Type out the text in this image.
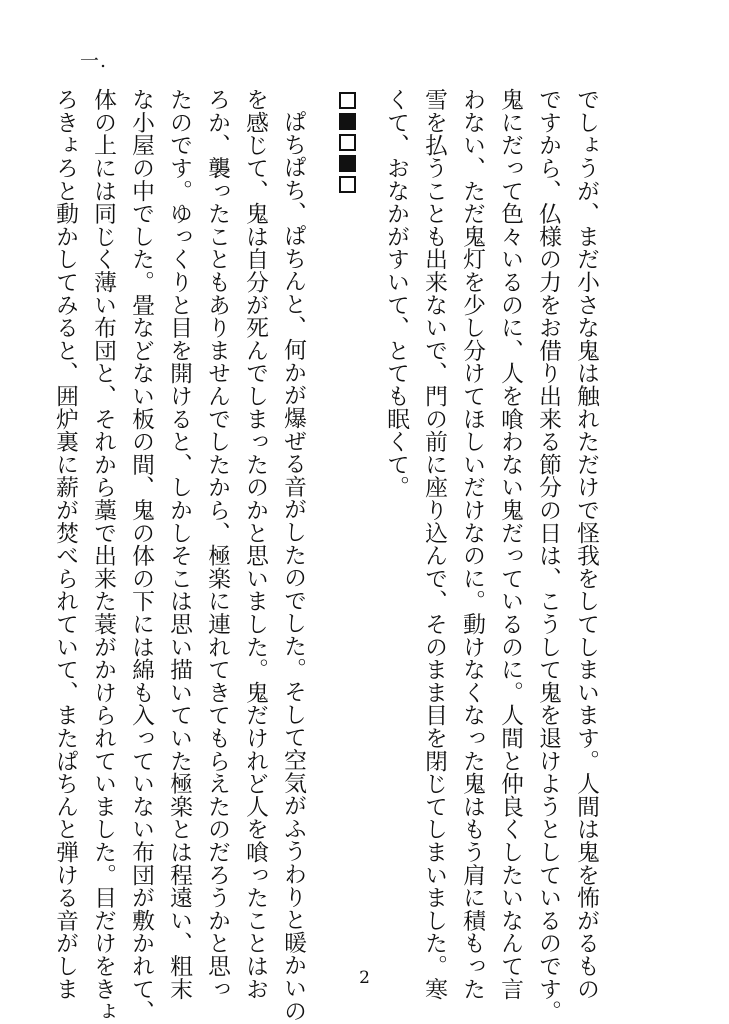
一.
でしょうが、まだ小さな鬼は触れただけで怪我をしてしまいます。人間は鬼を怖がるもの
ですから、仏様の力をお借り出来る節分の日は、こうして鬼を退けようとしているのです。
鬼にだって色々いるのに、人を喰わない鬼だっているのに。人間と仲良くしたいなんて言
わない、ただ鬼灯を少し分けてほしいだけなのに。動けなくなった鬼はもう肩に積もった
雪を払うことも出来ないで、門の前に座り込んで、そのまま目を閉じてしまいました。寒
くて、おなかがすいて、とても眠くて。
ぱちぱち、ぱちんと、何かが爆ぜる音がしたのでした。そして空気がふうわりと暖かいの
を感じて、鬼は自分が死んでしまったのかと思いました。鬼だけれど人を喰ったことはお
ろか、襲ったこともありませんでしたから、極楽に連れてきてもらえたのだろうかと思っ
たのです。ゆっくりと目を開けると、しかしそこは思い描いていた極楽とは程遠い、粗末
な小屋の中でした。畳などない板の間、鬼の体の下には綿も入っていない布団が敷かれて、
体の上には同じく薄い布団と、それから藁で出来た蓑がかけられていました。目だけをきょ
ろきょろと動かしてみると、囲炉裏に薪が焚べられていて、またぱちんと弾ける音がしま	2
